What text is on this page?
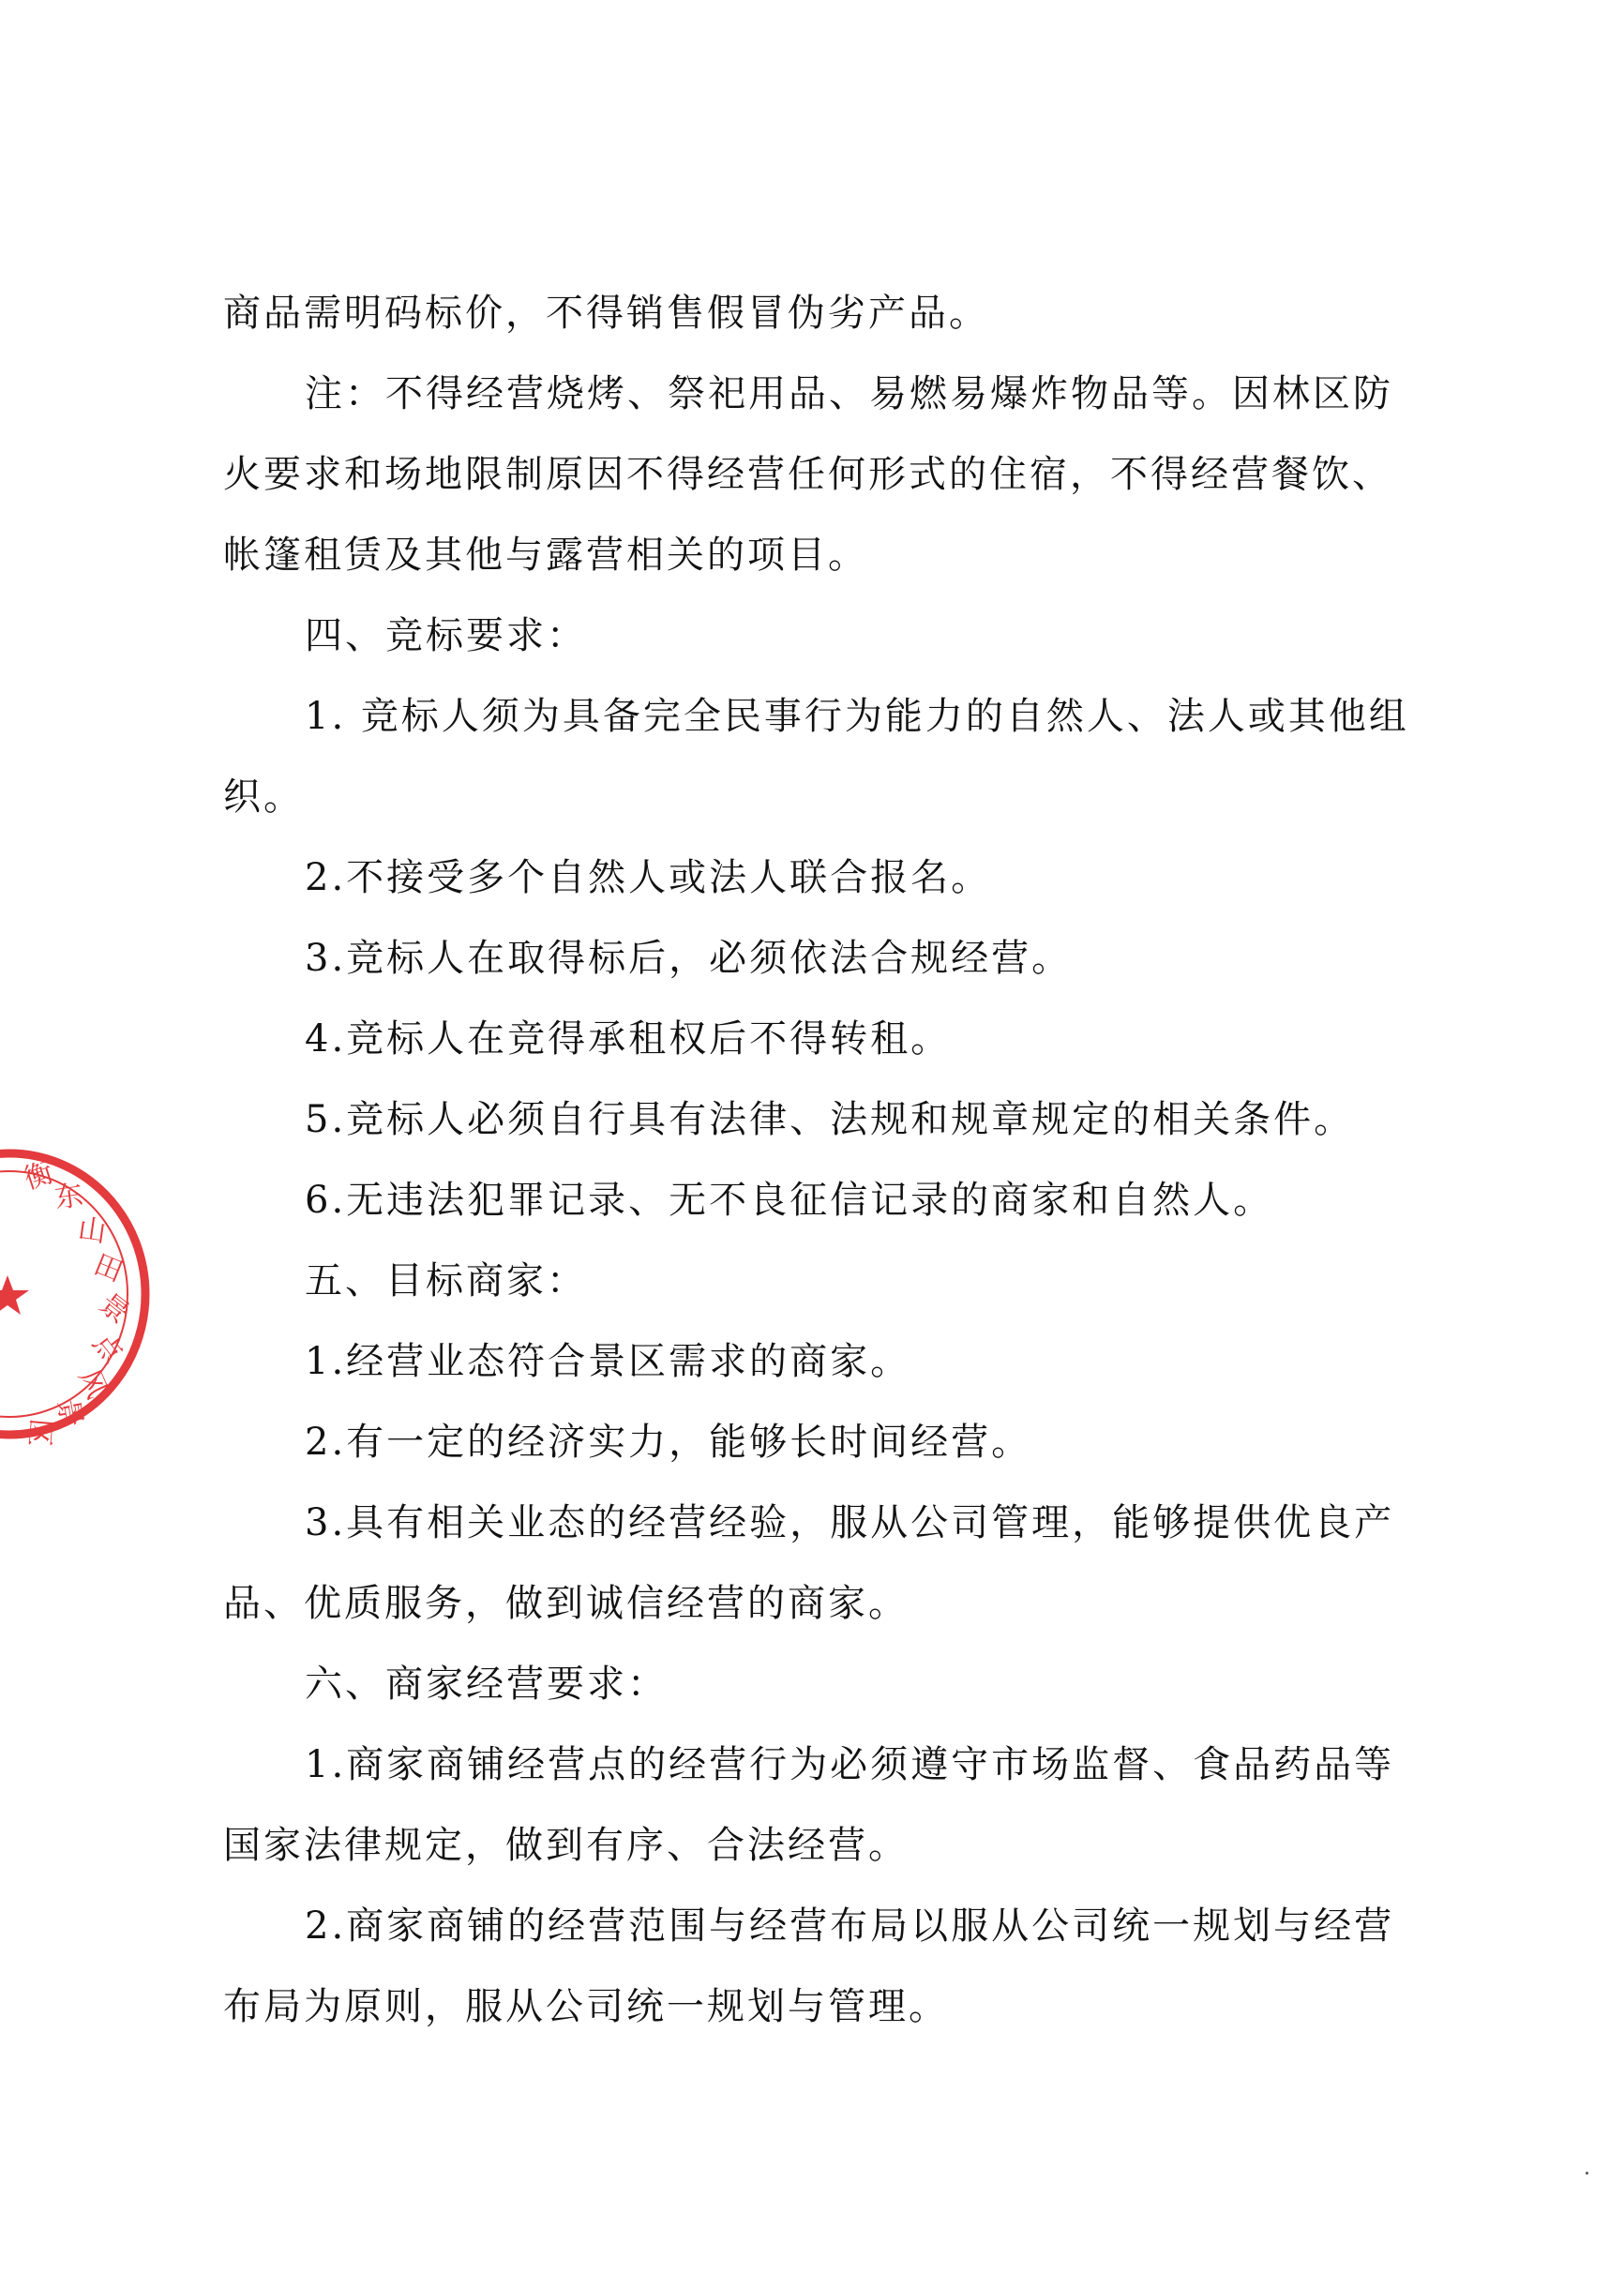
商品需明码标价，不得销售假冒伪劣产品。
注：不得经营烧烤、祭祀用品、易燃易爆炸物品等。因林区防
火要求和场地限制原因不得经营任何形式的住宿，不得经营餐饮、
帐篷租赁及其他与露营相关的项目。
四、竞标要求：
1. 竞标人须为具备完全民事行为能力的自然人、法人或其他组
织。
2.不接受多个自然人或法人联合报名。
3.竞标人在取得标后，必须依法合规经营。
4.竞标人在竞得承租权后不得转租。
5.竞标人必须自行具有法律、法规和规章规定的相关条件。
6.无违法犯罪记录、无不良征信记录的商家和自然人。
五、目标商家：
1.经营业态符合景区需求的商家。
2.有一定的经济实力，能够长时间经营。
3.具有相关业态的经营经验，服从公司管理，能够提供优良产
品、优质服务，做到诚信经营的商家。
六、商家经营要求：
1.商家商铺经营点的经营行为必须遵守市场监督、食品药品等
国家法律规定，做到有序、合法经营。
2.商家商铺的经营范围与经营布局以服从公司统一规划与经营
布局为原则，服从公司统一规划与管理。
衡
东
山
田
景
点
风
景
区
